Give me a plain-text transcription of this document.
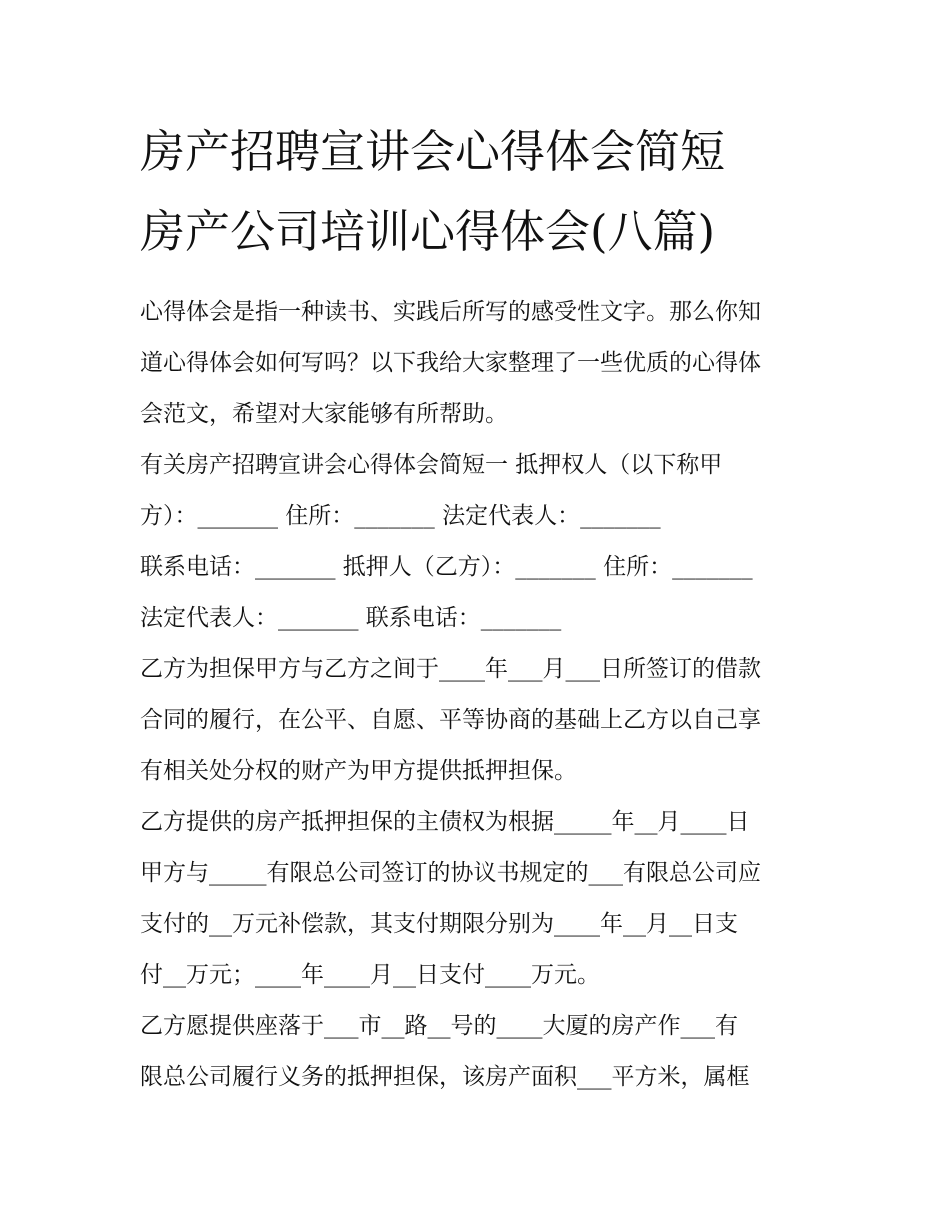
房产招聘宣讲会心得体会简短
房产公司培训心得体会(八篇)

心得体会是指一种读书、实践后所写的感受性文字。那么你知
道心得体会如何写吗？以下我给大家整理了一些优质的心得体
会范文，希望对大家能够有所帮助。

有关房产招聘宣讲会心得体会简短一 抵押权人（以下称甲
方）：_______ 住所：_______ 法定代表人：_______
联系电话：_______ 抵押人（乙方）：_______ 住所：_______
法定代表人：_______ 联系电话：_______

乙方为担保甲方与乙方之间于____年___月___日所签订的借款
合同的履行，在公平、自愿、平等协商的基础上乙方以自己享
有相关处分权的财产为甲方提供抵押担保。

乙方提供的房产抵押担保的主债权为根据_____年__月____日
甲方与_____有限总公司签订的协议书规定的___有限总公司应
支付的__万元补偿款，其支付期限分别为____年__月__日支
付__万元；____年____月__日支付____万元。

乙方愿提供座落于___市__路__号的____大厦的房产作___有
限总公司履行义务的抵押担保，该房产面积___平方米，属框
